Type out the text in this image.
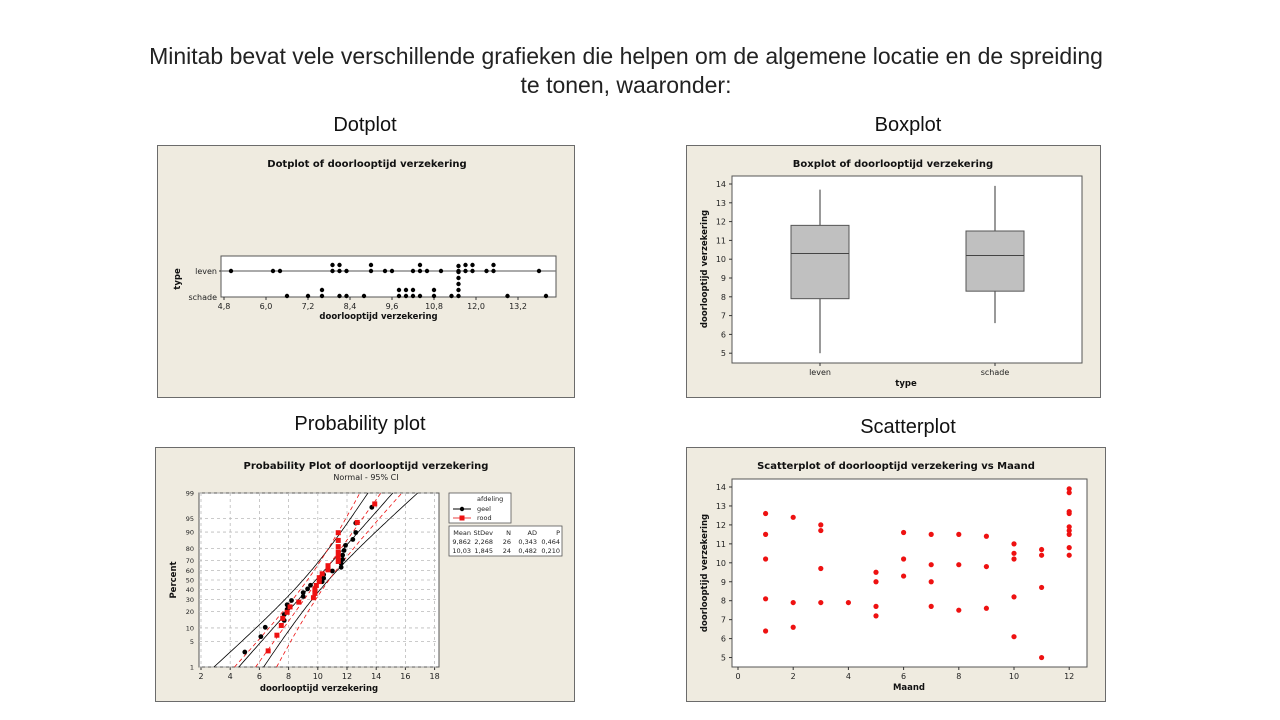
Minitab bevat vele verschillende grafieken die helpen om de algemene locatie en de spreiding
te tonen, waaronder:
Dotplot	Boxplot
Probability plot	Scatterplot
Dotplot of doorlooptijd verzekering
4,8	6,0	7,2	8,4	9,6	10,8	12,0	13,2
leven
schade
type
doorlooptijd verzekering
Boxplot of doorlooptijd verzekering
5
6
7
8
9
10
11
12
13
14
doorlooptijd verzekering
type
leven	schade
Probability Plot of doorlooptijd verzekering
Normal - 95% CI
2	4	6	8	10 12 14 16 18
1
5
10
20
30
40
50
60
70
80
90
95
99
Percent
doorlooptijd verzekering
afdeling
geel
rood
Mean StDev N	AD	P
9,862 2,268 26 0,343 0,464
10,03 1,845 24 0,482 0,210
Scatterplot of doorlooptijd verzekering vs Maand
0	2	4	6	8	10	12
5
6
7
8
9
10
11
12
13
14
doorlooptijd verzekering
Maand
